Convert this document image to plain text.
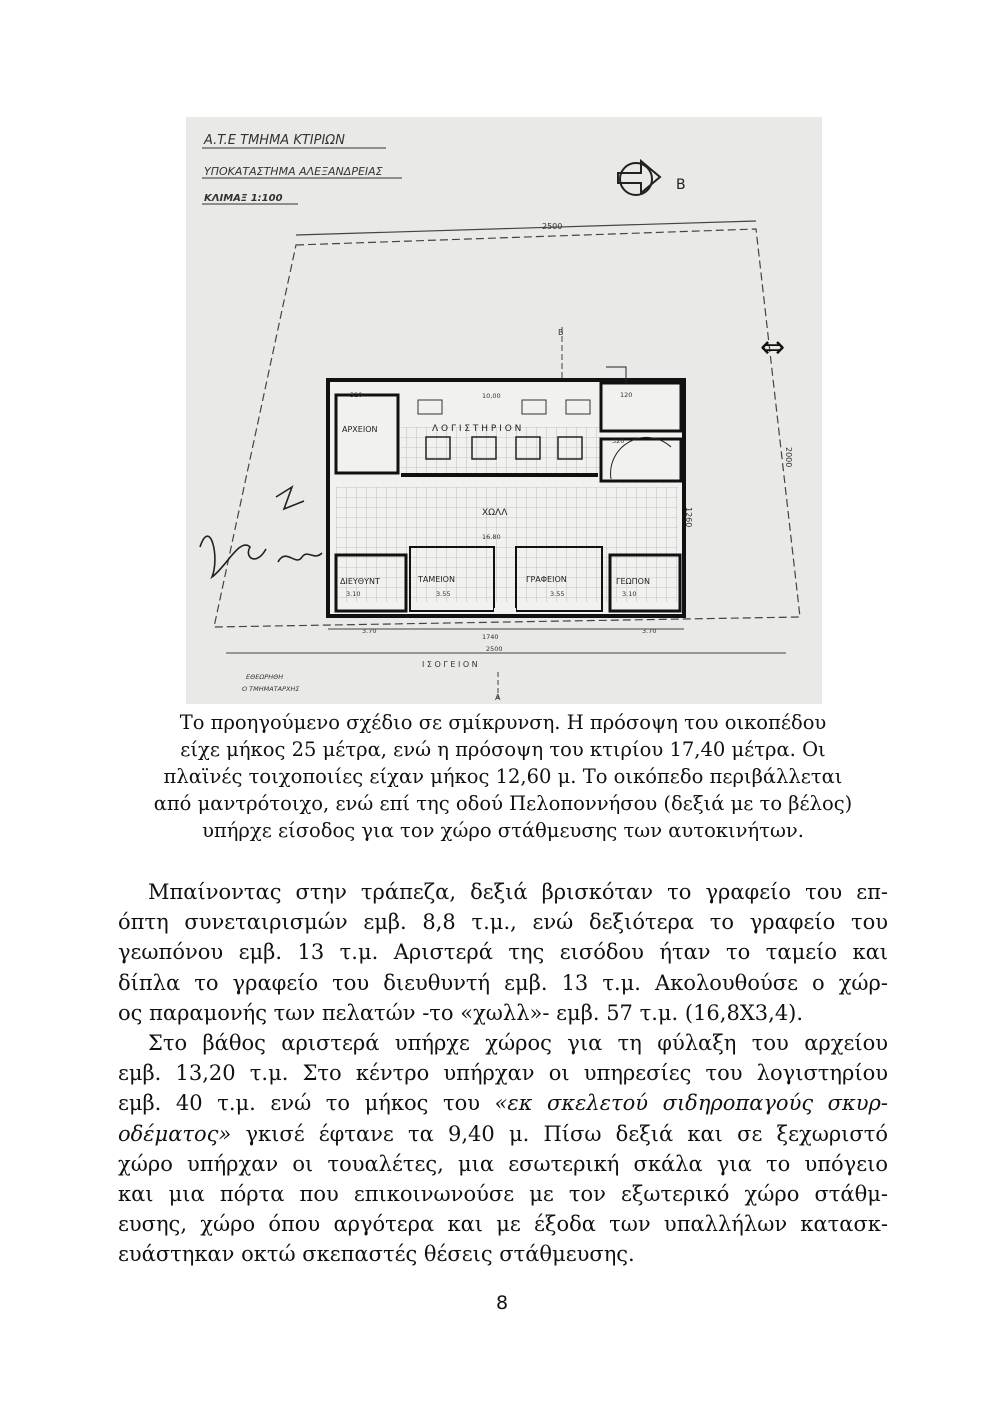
A.T.E ΤΜΗΜΑ ΚΤΙΡΙΩΝ
ΥΠΟΚΑΤΑΣΤΗΜΑ ΑΛΕΞΑΝΔΡΕΙΑΣ
ΚΛΙΜΑΞ 1:100
B
2500
2000
1260
⇔
B
ΑΡΧΕΙΟΝ	Λ Ο Γ Ι Σ Τ Η Ρ Ι Ο Ν
ΧΩΛΛ
ΔΙΕΥΘΥΝΤ	ΤΑΜΕΙΟΝ	ΓΡΑΦΕΙΟΝ	ΓΕΩΠΟΝ
320	10,00
16.80
3.55	3.55
3.10	3.10
120
320
3.70	3.70
1740
2500
Ι Σ Ο Γ Ε Ι Ο Ν
A
ΕΘΕΩΡΗΘΗ
Ο ΤΜΗΜΑΤΑΡΧΗΣ
Το προηγούμενο σχέδιο σε σμίκρυνση. Η πρόσοψη του οικοπέδου
είχε μήκος 25 μέτρα, ενώ η πρόσοψη του κτιρίου 17,40 μέτρα. Οι
πλαϊνές τοιχοποιίες είχαν μήκος 12,60 μ. Το οικόπεδο περιβάλλεται
από μαντρότοιχο, ενώ επί της οδού Πελοποννήσου (δεξιά με το βέλος)
υπήρχε είσοδος για τον χώρο στάθμευσης των αυτοκινήτων.
Μπαίνοντας στην τράπεζα, δεξιά βρισκόταν το γραφείο του επ-
όπτη συνεταιρισμών εμβ. 8,8 τ.μ., ενώ δεξιότερα το γραφείο του
γεωπόνου εμβ. 13 τ.μ. Αριστερά της εισόδου ήταν το ταμείο και
δίπλα το γραφείο του διευθυντή εμβ. 13 τ.μ. Ακολουθούσε ο χώρ-
ος παραμονής των πελατών -το «χωλλ»- εμβ. 57 τ.μ. (16,8Χ3,4).
Στο βάθος αριστερά υπήρχε χώρος για τη φύλαξη του αρχείου
εμβ. 13,20 τ.μ. Στο κέντρο υπήρχαν οι υπηρεσίες του λογιστηρίου
εμβ. 40 τ.μ. ενώ το μήκος του «εκ σκελετού σιδηροπαγούς σκυρ-
οδέματος» γκισέ έφτανε τα 9,40 μ. Πίσω δεξιά και σε ξεχωριστό
χώρο υπήρχαν οι τουαλέτες, μια εσωτερική σκάλα για το υπόγειο
και μια πόρτα που επικοινωνούσε με τον εξωτερικό χώρο στάθμ-
ευσης, χώρο όπου αργότερα και με έξοδα των υπαλλήλων κατασκ-
ευάστηκαν οκτώ σκεπαστές θέσεις στάθμευσης.
8
